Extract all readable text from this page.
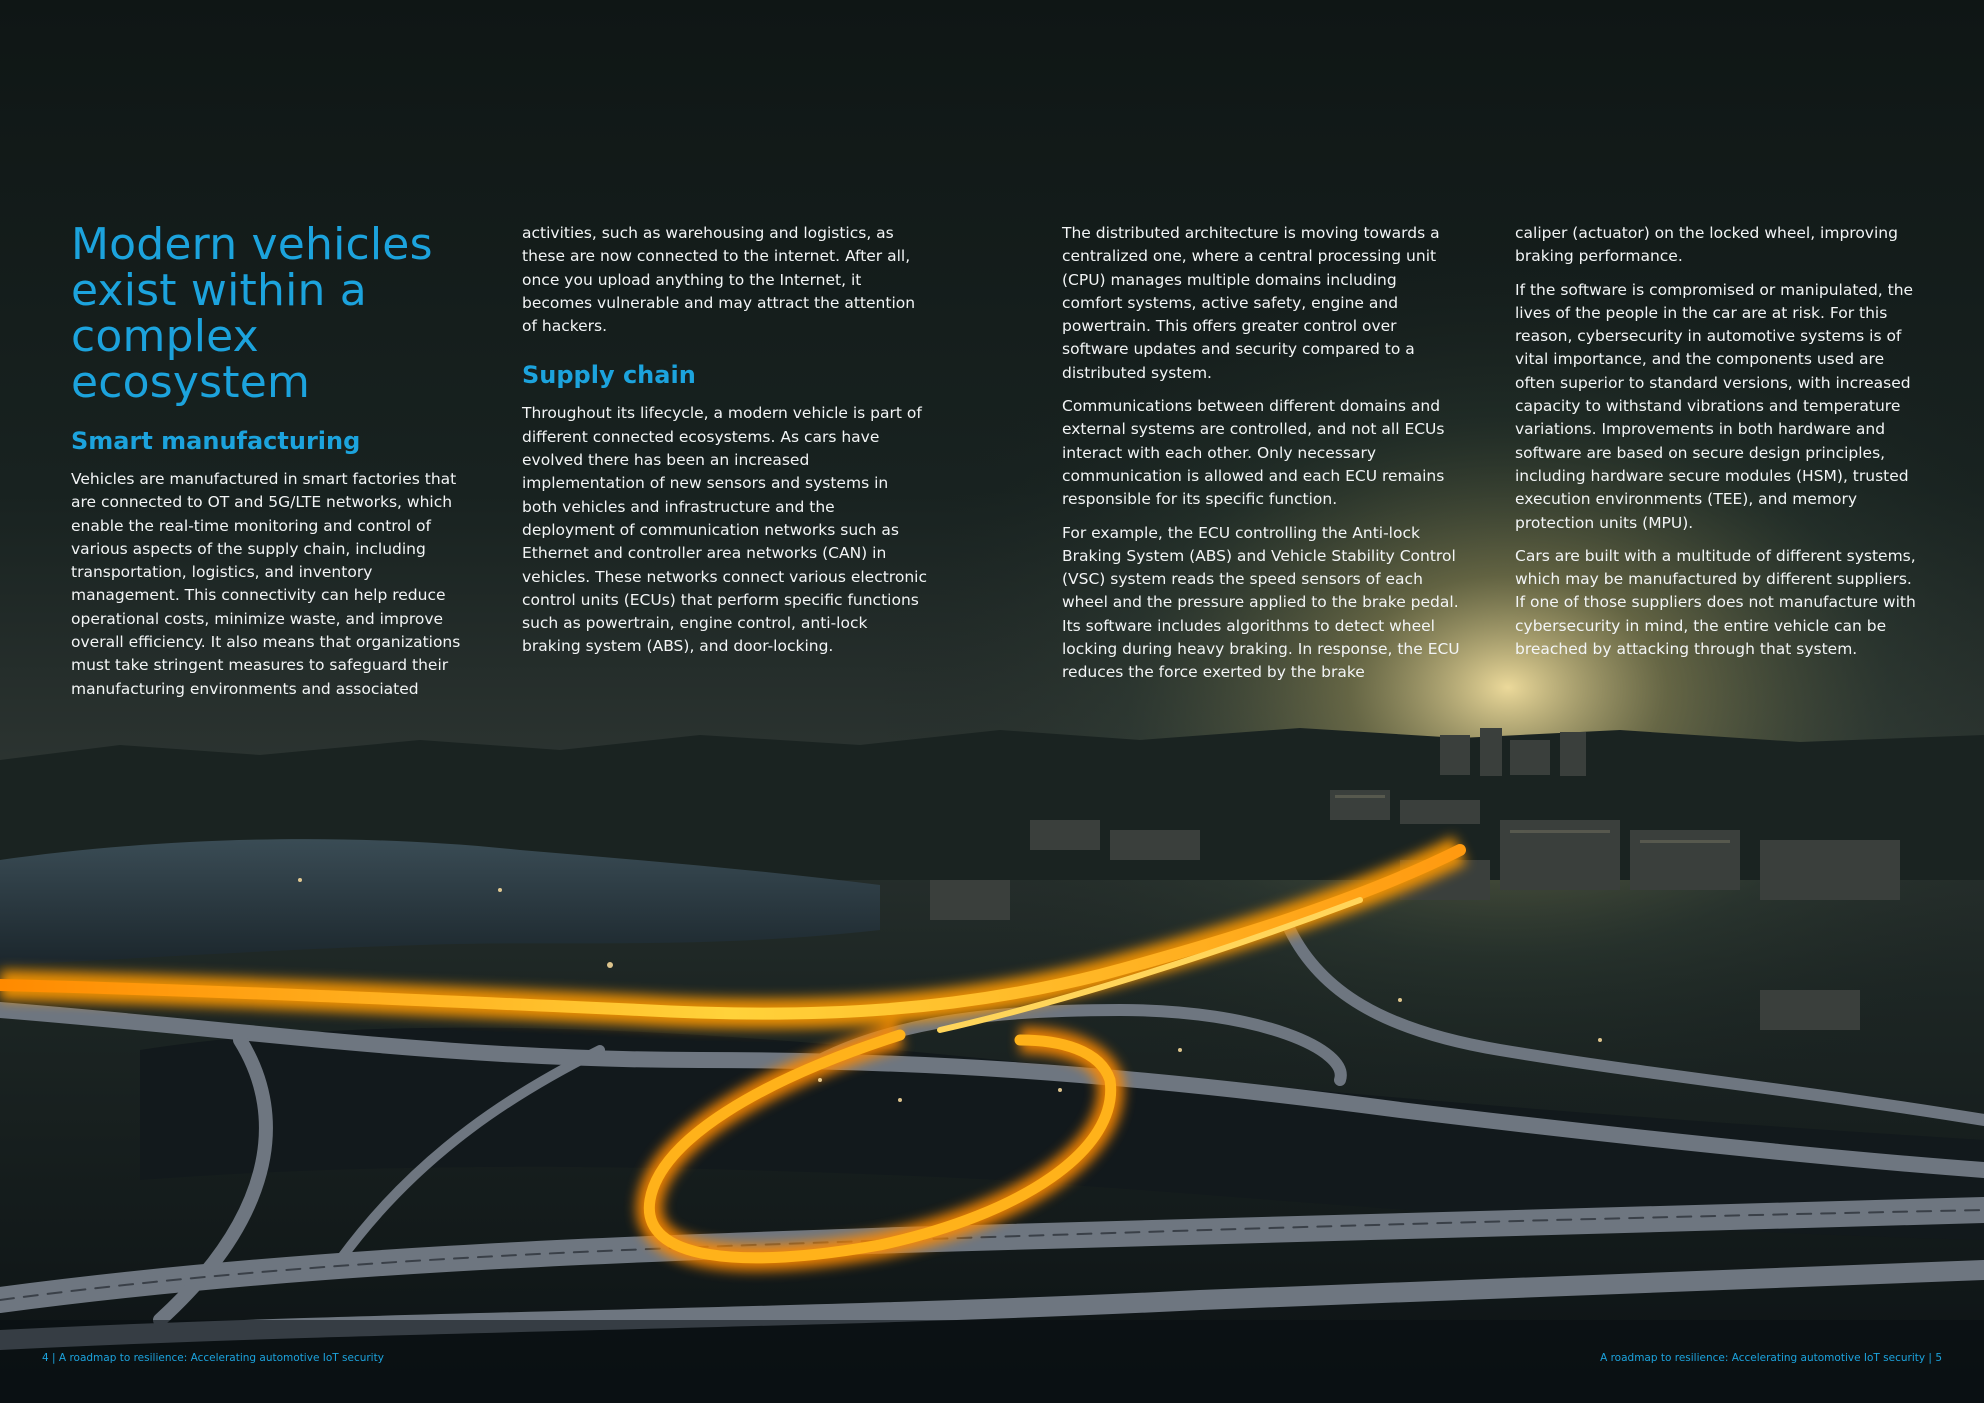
Modern vehicles exist within a complex ecosystem
Smart manufacturing

Vehicles are manufactured in smart factories that are connected to OT and 5G/LTE networks, which enable the real-time monitoring and control of various aspects of the supply chain, including transportation, logistics, and inventory management. This connectivity can help reduce operational costs, minimize waste, and improve overall efficiency. It also means that organizations must take stringent measures to safeguard their manufacturing environments and associated

activities, such as warehousing and logistics, as these are now connected to the internet. After all, once you upload anything to the Internet, it becomes vulnerable and may attract the attention of hackers.

Supply chain

Throughout its lifecycle, a modern vehicle is part of different connected ecosystems. As cars have evolved there has been an increased implementation of new sensors and systems in both vehicles and infrastructure and the deployment of communication networks such as Ethernet and controller area networks (CAN) in vehicles. These networks connect various electronic control units (ECUs) that perform specific functions such as powertrain, engine control, anti-lock braking system (ABS), and door-locking.

The distributed architecture is moving towards a centralized one, where a central processing unit (CPU) manages multiple domains including comfort systems, active safety, engine and powertrain. This offers greater control over software updates and security compared to a distributed system.

Communications between different domains and external systems are controlled, and not all ECUs interact with each other. Only necessary communication is allowed and each ECU remains responsible for its specific function.

For example, the ECU controlling the Anti-lock Braking System (ABS) and Vehicle Stability Control (VSC) system reads the speed sensors of each wheel and the pressure applied to the brake pedal. Its software includes algorithms to detect wheel locking during heavy braking. In response, the ECU reduces the force exerted by the brake

caliper (actuator) on the locked wheel, improving braking performance.

If the software is compromised or manipulated, the lives of the people in the car are at risk. For this reason, cybersecurity in automotive systems is of vital importance, and the components used are often superior to standard versions, with increased capacity to withstand vibrations and temperature variations. Improvements in both hardware and software are based on secure design principles, including hardware secure modules (HSM), trusted execution environments (TEE), and memory protection units (MPU).

Cars are built with a multitude of different systems, which may be manufactured by different suppliers. If one of those suppliers does not manufacture with cybersecurity in mind, the entire vehicle can be breached by attacking through that system.

4 | A roadmap to resilience: Accelerating automotive IoT security	A roadmap to resilience: Accelerating automotive IoT security | 5
